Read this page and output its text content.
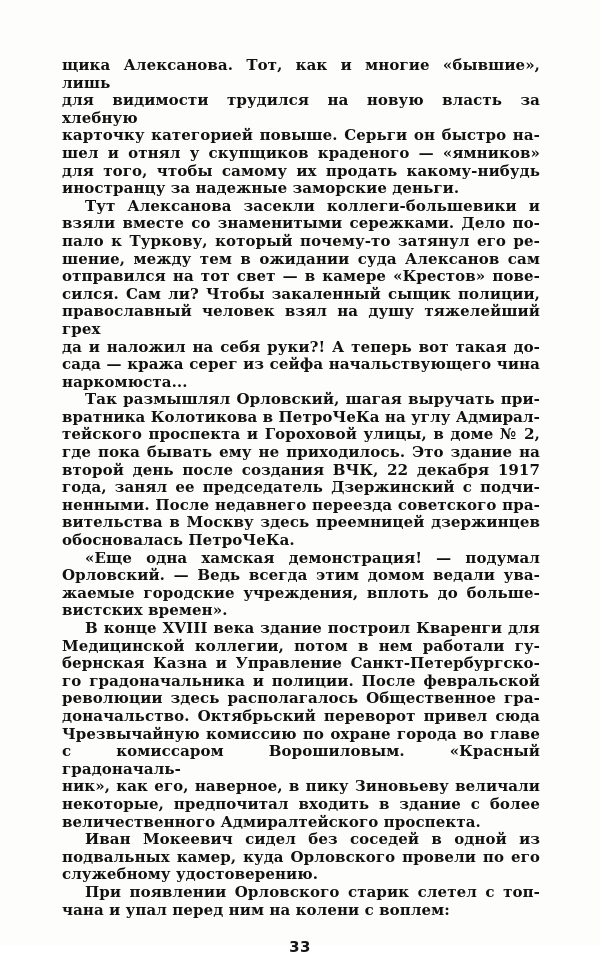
щика Алексанова. Тот, как и многие «бывшие», лишь
для видимости трудился на новую власть за хлебную
карточку категорией повыше. Серьги он быстро на-
шел и отнял у скупщиков краденого — «ямников»
для того, чтобы самому их продать какому-нибудь
иностранцу за надежные заморские деньги.
Тут Алексанова засекли коллеги-большевики и
взяли вместе со знаменитыми сережками. Дело по-
пало к Туркову, который почему-то затянул его ре-
шение, между тем в ожидании суда Алексанов сам
отправился на тот свет — в камере «Крестов» пове-
сился. Сам ли? Чтобы закаленный сыщик полиции,
православный человек взял на душу тяжелейший грех
да и наложил на себя руки?! А теперь вот такая до-
сада — кража серег из сейфа начальствующего чина
наркомюста...
Так размышлял Орловский, шагая выручать при-
вратника Колотикова в ПетроЧеКа на углу Адмирал-
тейского проспекта и Гороховой улицы, в доме № 2,
где пока бывать ему не приходилось. Это здание на
второй день после создания ВЧК, 22 декабря 1917
года, занял ее председатель Дзержинский с подчи-
ненными. После недавнего переезда советского пра-
вительства в Москву здесь преемницей дзержинцев
обосновалась ПетроЧеКа.
«Еще одна хамская демонстрация! — подумал
Орловский. — Ведь всегда этим домом ведали ува-
жаемые городские учреждения, вплоть до больше-
вистских времен».
В конце XVIII века здание построил Кваренги для
Медицинской коллегии, потом в нем работали гу-
бернская Казна и Управление Санкт-Петербургско-
го градоначальника и полиции. После февральской
революции здесь располагалось Общественное гра-
доначальство. Октябрьский переворот привел сюда
Чрезвычайную комиссию по охране города во главе
с комиссаром Ворошиловым. «Красный градоначаль-
ник», как его, наверное, в пику Зиновьеву величали
некоторые, предпочитал входить в здание с более
величественного Адмиралтейского проспекта.
Иван Мокеевич сидел без соседей в одной из
подвальных камер, куда Орловского провели по его
служебному удостоверению.
При появлении Орловского старик слетел с топ-
чана и упал перед ним на колени с воплем:
33
